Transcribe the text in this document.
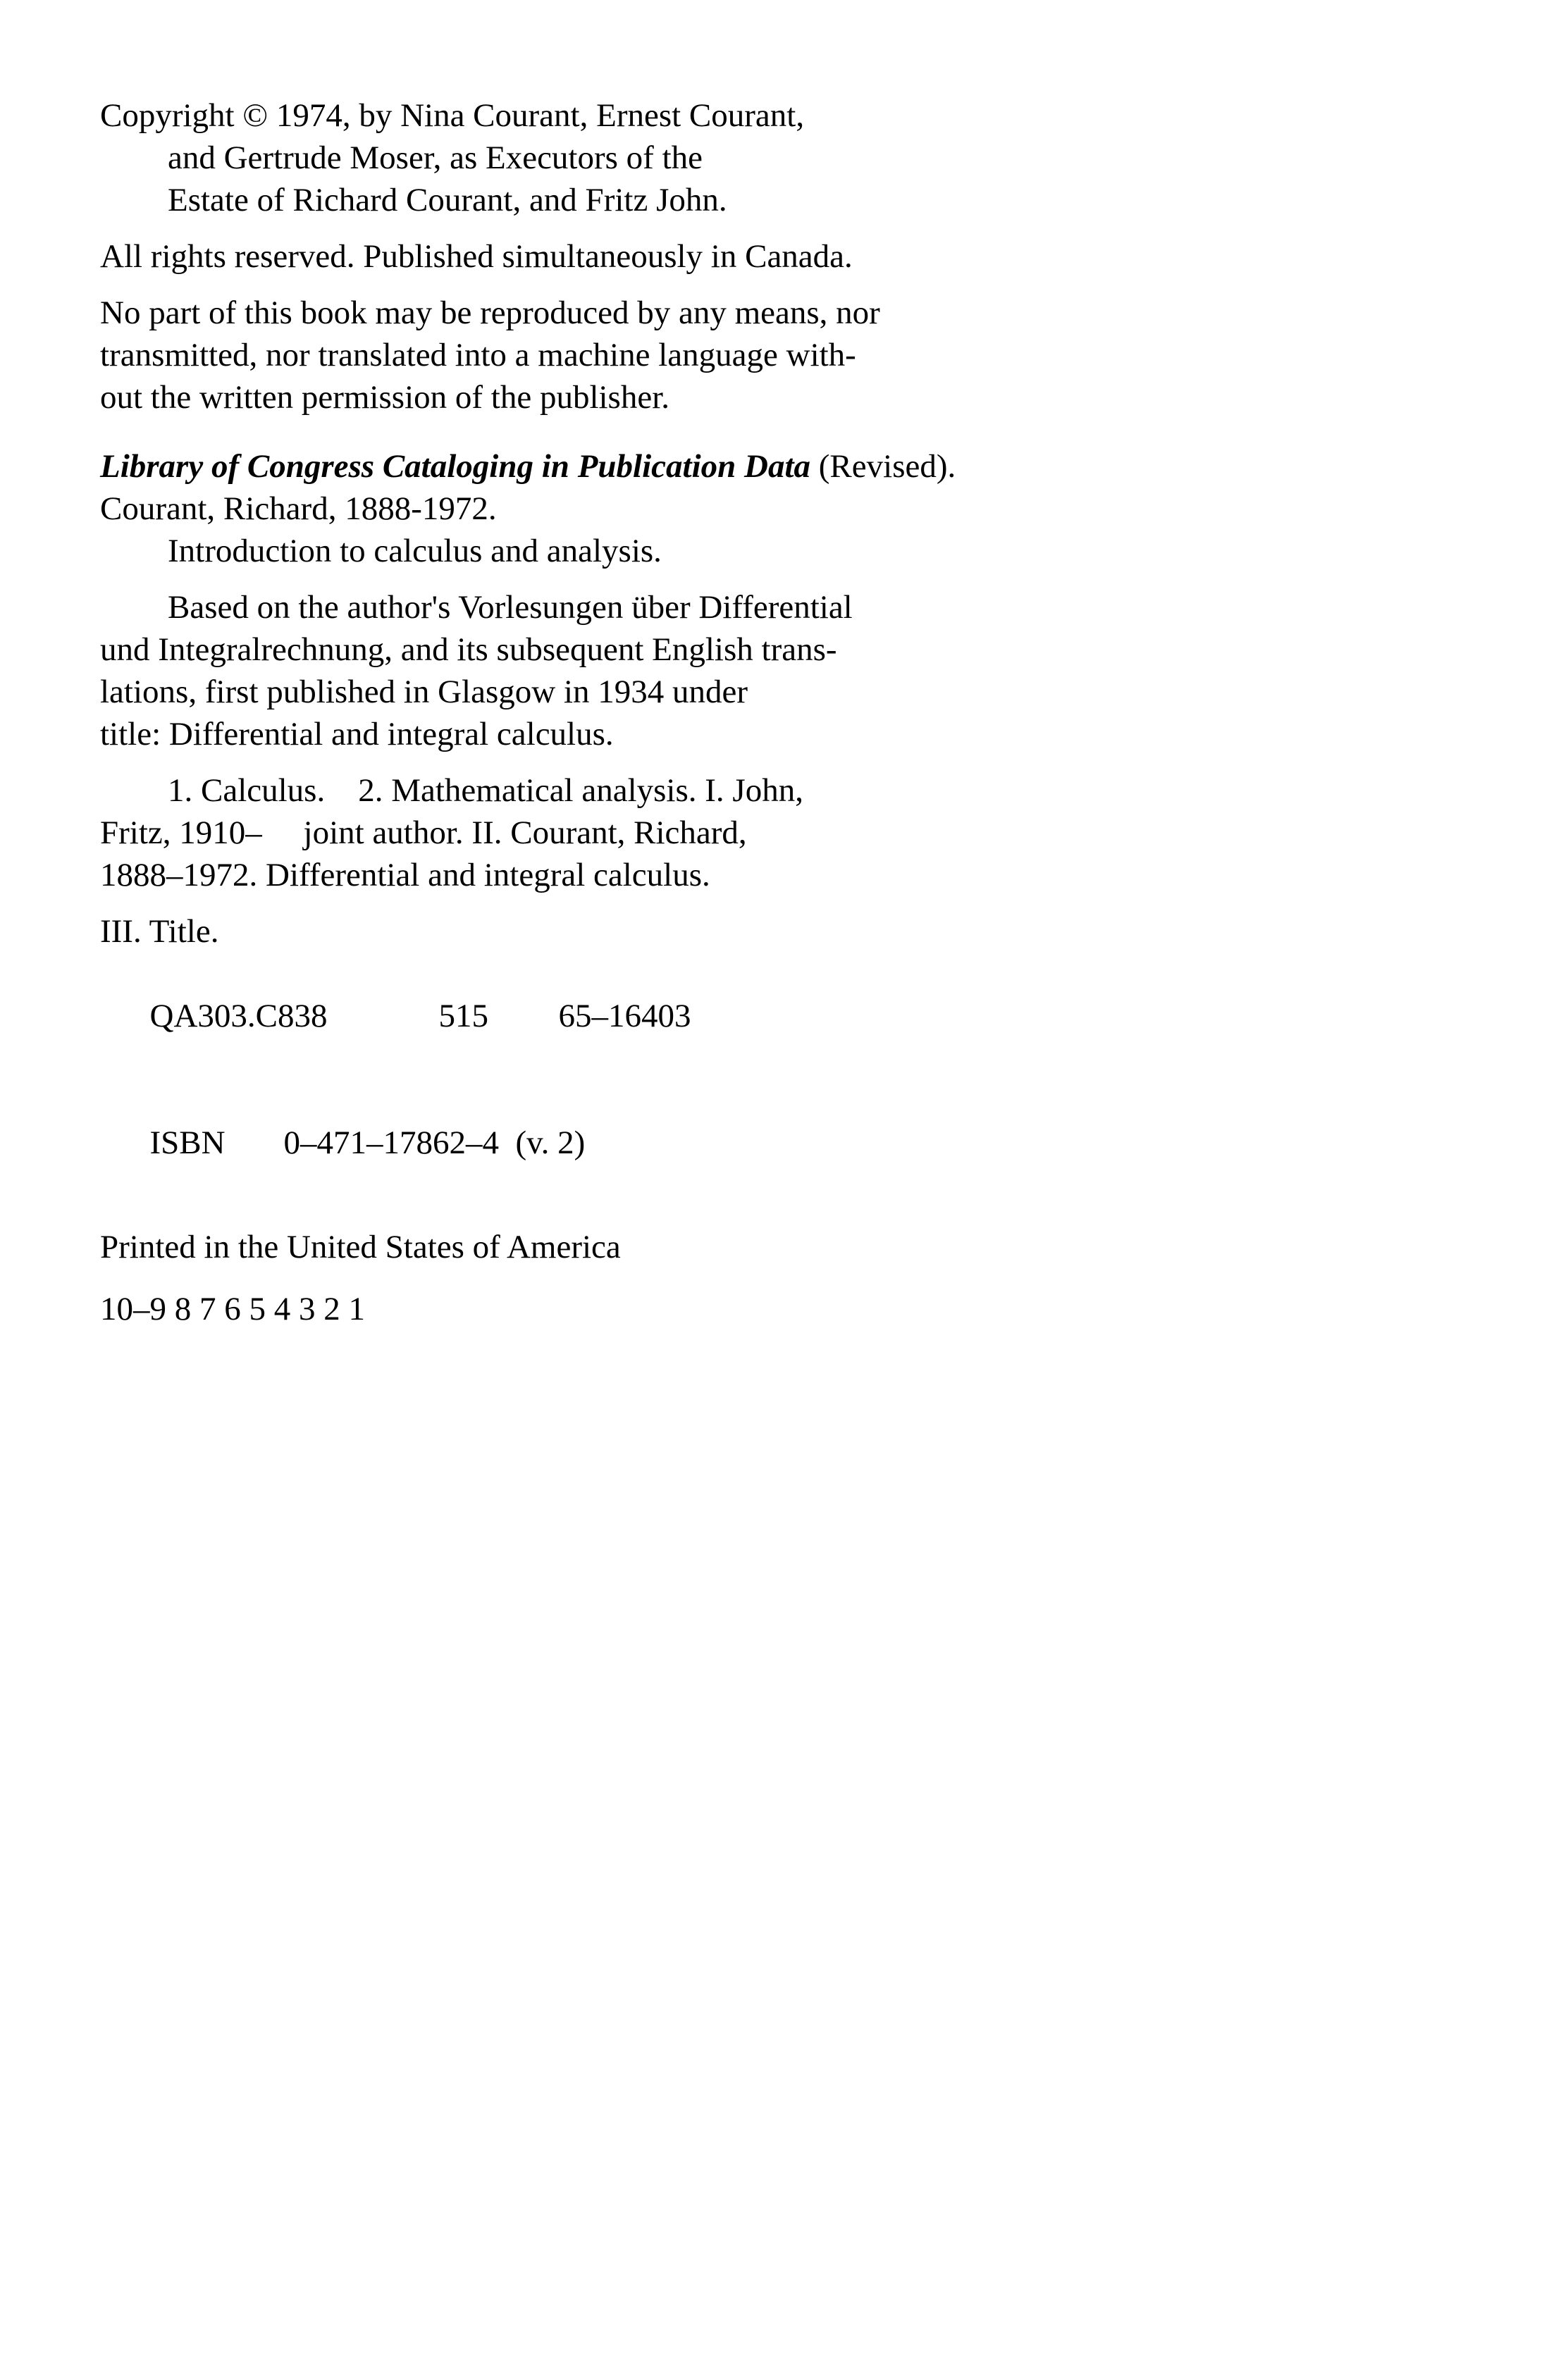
Copyright © 1974, by Nina Courant, Ernest Courant,
and Gertrude Moser, as Executors of the
Estate of Richard Courant, and Fritz John.
All rights reserved. Published simultaneously in Canada.
No part of this book may be reproduced by any means, nor
transmitted, nor translated into a machine language with-
out the written permission of the publisher.
Library of Congress Cataloging in Publication Data (Revised).
Courant, Richard, 1888-1972.
Introduction to calculus and analysis.
Based on the author's Vorlesungen über Differential
und Integralrechnung, and its subsequent English trans-
lations, first published in Glasgow in 1934 under
title: Differential and integral calculus.
1. Calculus.    2. Mathematical analysis. I. John,
Fritz, 1910–     joint author. II. Courant, Richard,
1888–1972. Differential and integral calculus.
III. Title.

QA303.C838	515 65–16403

ISBN 0–471–17862–4  (v. 2)

Printed in the United States of America
10–9 8 7 6 5 4 3 2 1
